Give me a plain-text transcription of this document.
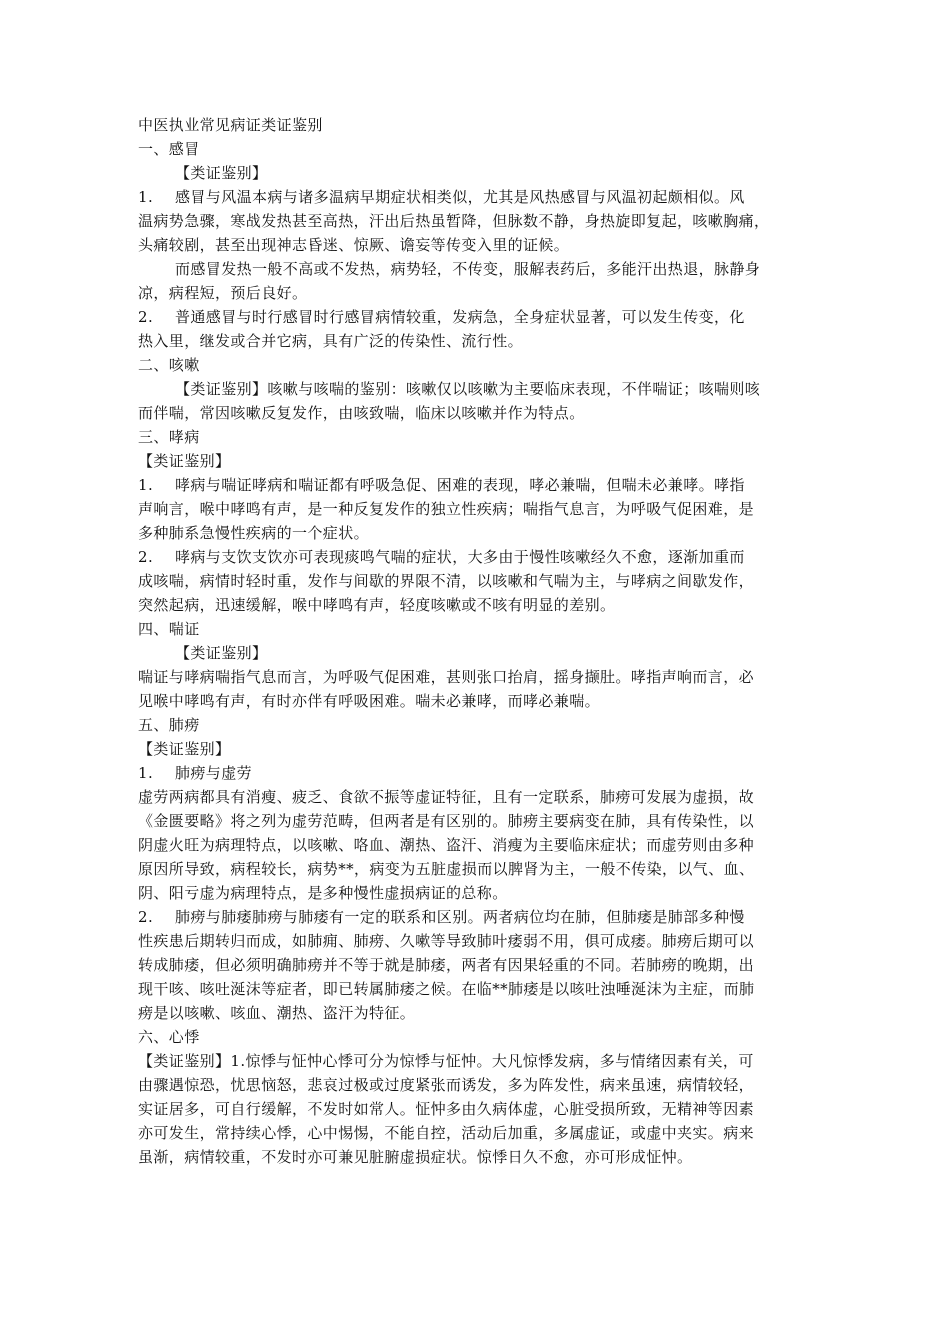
中医执业常见病证类证鉴别
一、感冒
【类证鉴别】
1. 感冒与风温本病与诸多温病早期症状相类似，尤其是风热感冒与风温初起颇相似。风
温病势急骤，寒战发热甚至高热，汗出后热虽暂降，但脉数不静，身热旋即复起，咳嗽胸痛，
头痛较剧，甚至出现神志昏迷、惊厥、谵妄等传变入里的证候。
而感冒发热一般不高或不发热，病势轻，不传变，服解表药后，多能汗出热退，脉静身
凉，病程短，预后良好。
2. 普通感冒与时行感冒时行感冒病情较重，发病急，全身症状显著，可以发生传变，化
热入里，继发或合并它病，具有广泛的传染性、流行性。
二、咳嗽
【类证鉴别】咳嗽与咳喘的鉴别：咳嗽仅以咳嗽为主要临床表现，不伴喘证；咳喘则咳
而伴喘，常因咳嗽反复发作，由咳致喘，临床以咳嗽并作为特点。
三、哮病
【类证鉴别】
1. 哮病与喘证哮病和喘证都有呼吸急促、困难的表现，哮必兼喘，但喘未必兼哮。哮指
声响言，喉中哮鸣有声，是一种反复发作的独立性疾病；喘指气息言，为呼吸气促困难，是
多种肺系急慢性疾病的一个症状。
2. 哮病与支饮支饮亦可表现痰鸣气喘的症状，大多由于慢性咳嗽经久不愈，逐渐加重而
成咳喘，病情时轻时重，发作与间歇的界限不清，以咳嗽和气喘为主，与哮病之间歇发作，
突然起病，迅速缓解，喉中哮鸣有声，轻度咳嗽或不咳有明显的差别。
四、喘证
【类证鉴别】
喘证与哮病喘指气息而言，为呼吸气促困难，甚则张口抬肩，摇身撷肚。哮指声响而言，必
见喉中哮鸣有声，有时亦伴有呼吸困难。喘未必兼哮，而哮必兼喘。
五、肺痨
【类证鉴别】
1. 肺痨与虚劳
虚劳两病都具有消瘦、疲乏、食欲不振等虚证特征，且有一定联系，肺痨可发展为虚损，故
《金匮要略》将之列为虚劳范畴，但两者是有区别的。肺痨主要病变在肺，具有传染性，以
阴虚火旺为病理特点，以咳嗽、咯血、潮热、盗汗、消瘦为主要临床症状；而虚劳则由多种
原因所导致，病程较长，病势**，病变为五脏虚损而以脾肾为主，一般不传染，以气、血、
阴、阳亏虚为病理特点，是多种慢性虚损病证的总称。
2. 肺痨与肺痿肺痨与肺痿有一定的联系和区别。两者病位均在肺，但肺痿是肺部多种慢
性疾患后期转归而成，如肺痈、肺痨、久嗽等导致肺叶痿弱不用，俱可成痿。肺痨后期可以
转成肺痿，但必须明确肺痨并不等于就是肺痿，两者有因果轻重的不同。若肺痨的晚期，出
现干咳、咳吐涎沫等症者，即已转属肺痿之候。在临**肺痿是以咳吐浊唾涎沫为主症，而肺
痨是以咳嗽、咳血、潮热、盗汗为特征。
六、心悸
【类证鉴别】1.惊悸与怔忡心悸可分为惊悸与怔忡。大凡惊悸发病，多与情绪因素有关，可
由骤遇惊恐，忧思恼怒，悲哀过极或过度紧张而诱发，多为阵发性，病来虽速，病情较轻，
实证居多，可自行缓解，不发时如常人。怔忡多由久病体虚，心脏受损所致，无精神等因素
亦可发生，常持续心悸，心中惕惕，不能自控，活动后加重，多属虚证，或虚中夹实。病来
虽渐，病情较重，不发时亦可兼见脏腑虚损症状。惊悸日久不愈，亦可形成怔忡。
